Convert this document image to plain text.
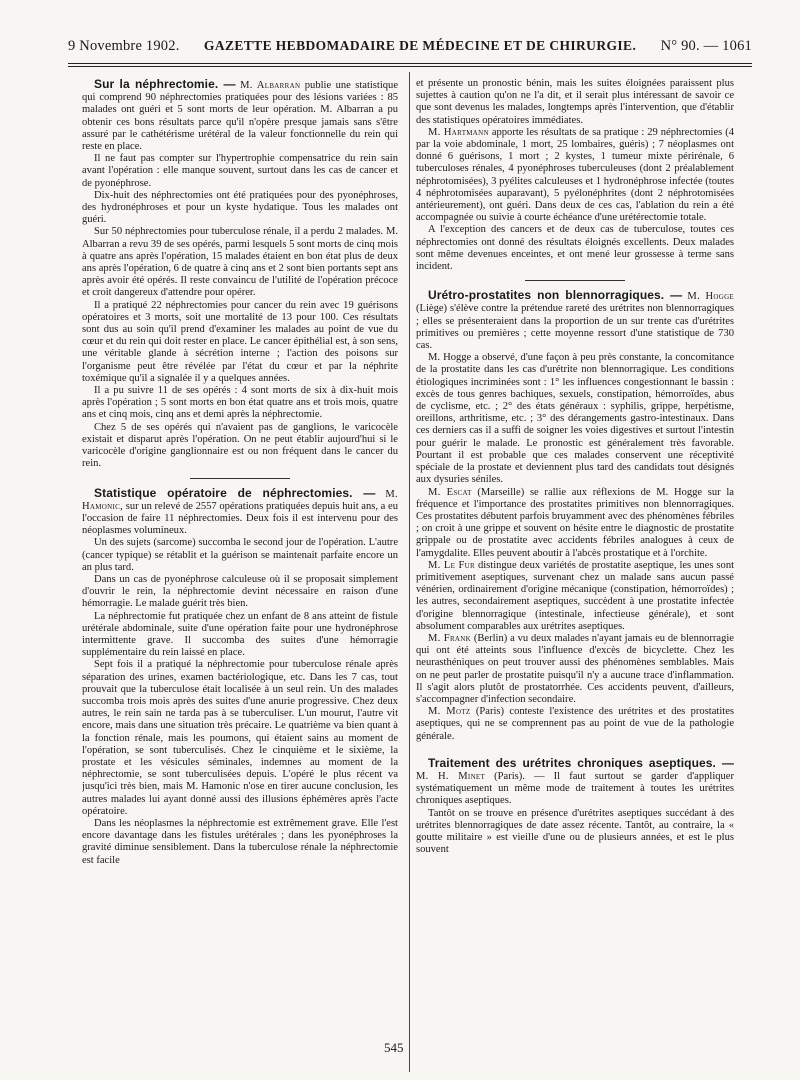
9 Novembre 1902. GAZETTE HEBDOMADAIRE DE MÉDECINE ET DE CHIRURGIE. N° 90. — 1061

Sur la néphrectomie. — M. Albarran publie une statistique qui comprend 90 néphrectomies pratiquées pour des lésions variées : 85 malades ont guéri et 5 sont morts de leur opération. M. Albarran a pu obtenir ces bons résultats parce qu'il n'opère presque jamais sans s'être assuré par le cathétérisme urétéral de la valeur fonctionnelle du rein qui reste en place.

Il ne faut pas compter sur l'hypertrophie compensatrice du rein sain avant l'opération : elle manque souvent, surtout dans les cas de cancer et de pyonéphrose.

Dix-huit des néphrectomies ont été pratiquées pour des pyonéphroses, des hydronéphroses et pour un kyste hydatique. Tous les malades ont guéri.

Sur 50 néphrectomies pour tuberculose rénale, il a perdu 2 malades. M. Albarran a revu 39 de ses opérés, parmi lesquels 5 sont morts de cinq mois à quatre ans après l'opération, 15 malades étaient en bon état plus de deux ans après l'opération, 6 de quatre à cinq ans et 2 sont bien portants sept ans après avoir été opérés. Il reste convaincu de l'utilité de l'opération précoce et croit dangereux d'attendre pour opérer.

Il a pratiqué 22 néphrectomies pour cancer du rein avec 19 guérisons opératoires et 3 morts, soit une mortalité de 13 pour 100. Ces résultats sont dus au soin qu'il prend d'examiner les malades au point de vue du cœur et du rein qui doit rester en place. Le cancer épithélial est, à son sens, une véritable glande à sécrétion interne ; l'action des poisons sur l'organisme peut être révélée par l'état du cœur et par la néphrite toxémique qu'il a signalée il y a quelques années.

Il a pu suivre 11 de ses opérés : 4 sont morts de six à dix-huit mois après l'opération ; 5 sont morts en bon état quatre ans et trois mois, quatre ans et cinq mois, cinq ans et demi après la néphrectomie.

Chez 5 de ses opérés qui n'avaient pas de ganglions, le varicocèle existait et disparut après l'opération. On ne peut établir aujourd'hui si le varicocèle d'origine ganglionnaire est ou non fréquent dans le cancer du rein.

Statistique opératoire de néphrectomies. — M. Hamonic, sur un relevé de 2557 opérations pratiquées depuis huit ans, a eu l'occasion de faire 11 néphrectomies. Deux fois il est intervenu pour des néoplasmes volumineux.

Un des sujets (sarcome) succomba le second jour de l'opération. L'autre (cancer typique) se rétablit et la guérison se maintenait parfaite encore un an plus tard.

Dans un cas de pyonéphrose calculeuse où il se proposait simplement d'ouvrir le rein, la néphrectomie devint nécessaire en raison d'une hémorragie. Le malade guérit très bien.

La néphrectomie fut pratiquée chez un enfant de 8 ans atteint de fistule urétérale abdominale, suite d'une opération faite pour une hydronéphrose intermittente grave. Il succomba des suites d'une hémorragie supplémentaire du rein laissé en place.

Sept fois il a pratiqué la néphrectomie pour tuberculose rénale après séparation des urines, examen bactériologique, etc. Dans les 7 cas, tout prouvait que la tuberculose était localisée à un seul rein. Un des malades succomba trois mois après des suites d'une anurie progressive. Chez deux autres, le rein sain ne tarda pas à se tuberculiser. L'un mourut, l'autre vit encore, mais dans une situation très précaire. Le quatrième va bien quant à la fonction rénale, mais les poumons, qui étaient sains au moment de l'opération, se sont tuberculisés. Chez le cinquième et le sixième, la prostate et les vésicules séminales, indemnes au moment de la néphrectomie, se sont tuberculisées depuis. L'opéré le plus récent va jusqu'ici très bien, mais M. Hamonic n'ose en tirer aucune conclusion, les autres malades lui ayant donné aussi des illusions éphémères après l'acte opératoire.

Dans les néoplasmes la néphrectomie est extrêmement grave. Elle l'est encore davantage dans les fistules urétérales ; dans les pyonéphroses la gravité diminue sensiblement. Dans la tuberculose rénale la néphrectomie est facile

et présente un pronostic bénin, mais les suites éloignées paraissent plus sujettes à caution qu'on ne l'a dit, et il serait plus intéressant de savoir ce que sont devenus les malades, longtemps après l'intervention, que d'établir des statistiques opératoires immédiates.

M. Hartmann apporte les résultats de sa pratique : 29 néphrectomies (4 par la voie abdominale, 1 mort, 25 lombaires, guéris) ; 7 néoplasmes ont donné 6 guérisons, 1 mort ; 2 kystes, 1 tumeur mixte périrénale, 6 tuberculoses rénales, 4 pyonéphroses tuberculeuses (dont 2 préalablement néphrotomisées), 3 pyélites calculeuses et 1 hydronéphrose infectée (toutes 4 néphrotomisées auparavant), 5 pyélonéphrites (dont 2 néphrotomisées antérieurement), ont guéri. Dans deux de ces cas, l'ablation du rein a été accompagnée ou suivie à courte échéance d'une urétérectomie totale.

A l'exception des cancers et de deux cas de tuberculose, toutes ces néphrectomies ont donné des résultats éloignés excellents. Deux malades sont même devenues enceintes, et ont mené leur grossesse à terme sans incident.

Urétro-prostatites non blennorragiques. — M. Hogge (Liège) s'élève contre la prétendue rareté des urétrites non blennorragiques ; elles se présenteraient dans la proportion de un sur trente cas d'urétrites primitives ou premières ; cette moyenne ressort d'une statistique de 730 cas.

M. Hogge a observé, d'une façon à peu près constante, la concomitance de la prostatite dans les cas d'urétrite non blennorragique. Les conditions étiologiques incriminées sont : 1° les influences congestionnant le bassin : excès de tous genres bachiques, sexuels, constipation, hémorroïdes, abus de cyclisme, etc. ; 2° des états généraux : syphilis, grippe, herpétisme, oreillons, arthritisme, etc. ; 3° des dérangements gastro-intestinaux. Dans ces derniers cas il a suffi de soigner les voies digestives et surtout l'intestin pour guérir le malade. Le pronostic est généralement très favorable. Pourtant il est probable que ces malades conservent une réceptivité spéciale de la prostate et deviennent plus tard des candidats tout désignés aux dysuries séniles.

M. Escat (Marseille) se rallie aux réflexions de M. Hogge sur la fréquence et l'importance des prostatites primitives non blennorragiques. Ces prostatites débutent parfois bruyamment avec des phénomènes fébriles ; on croit à une grippe et souvent on hésite entre le diagnostic de prostatite grippale ou de prostatite avec accidents fébriles analogues à ceux de l'amygdalite. Elles peuvent aboutir à l'abcès prostatique et à l'orchite.

M. Le Fur distingue deux variétés de prostatite aseptique, les unes sont primitivement aseptiques, survenant chez un malade sans aucun passé vénérien, ordinairement d'origine mécanique (constipation, hémorroïdes) ; les autres, secondairement aseptiques, succèdent à une prostatite infectée d'origine blennorragique (intestinale, infectieuse générale), et sont absolument comparables aux urétrites aseptiques.

M. Frank (Berlin) a vu deux malades n'ayant jamais eu de blennorragie qui ont été atteints sous l'influence d'excès de bicyclette. Chez les neurasthéniques on peut trouver aussi des phénomènes semblables. Mais on ne peut parler de prostatite puisqu'il n'y a aucune trace d'inflammation. Il s'agit alors plutôt de prostatorrhée. Ces accidents peuvent, d'ailleurs, s'accompagner d'infection secondaire.

M. Motz (Paris) conteste l'existence des urétrites et des prostatites aseptiques, qui ne se comprennent pas au point de vue de la pathologie générale.

Traitement des urétrites chroniques aseptiques. — M. H. Minet (Paris). — Il faut surtout se garder d'appliquer systématiquement un même mode de traitement à toutes les urétrites chroniques aseptiques.

Tantôt on se trouve en présence d'urétrites aseptiques succédant à des urétrites blennorragiques de date assez récente. Tantôt, au contraire, la « goutte militaire » est vieille d'une ou de plusieurs années, et est le plus souvent

545
